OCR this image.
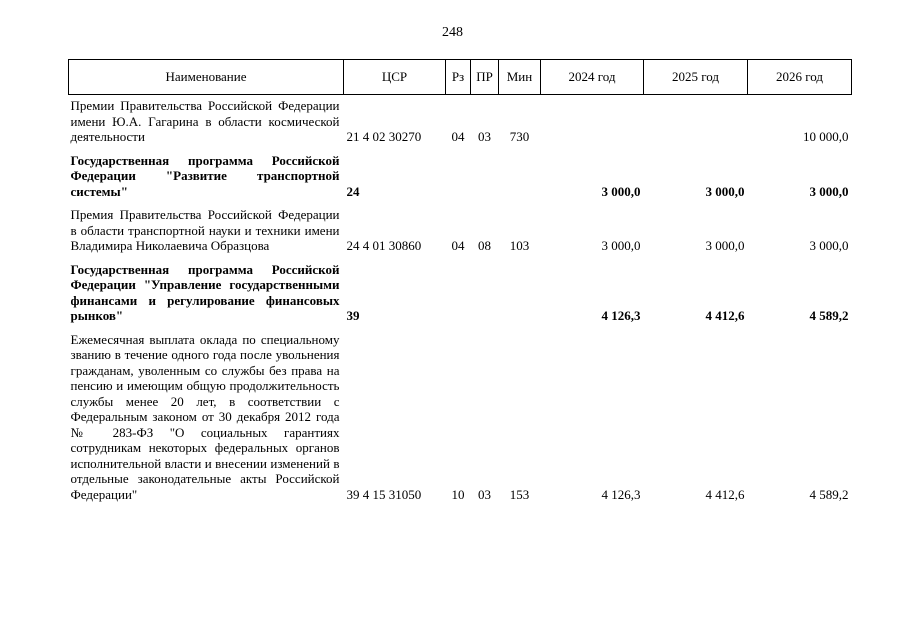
248
Наименование	ЦСР	Рз	ПР	Мин	2024 год	2025 год	2026 год
Премии Правительства Российской Федерации имени Ю.А. Гагарина в области космической деятельности	21 4 02 30270	04	03	730			10 000,0
Государственная программа Российской Федерации "Развитие транспортной системы"	24				3 000,0	3 000,0	3 000,0
Премия Правительства Российской Федерации в области транспортной науки и техники имени Владимира Николаевича Образцова	24 4 01 30860	04	08	103	3 000,0	3 000,0	3 000,0
Государственная программа Российской Федерации "Управление государственными финансами и регулирование финансовых рынков"	39				4 126,3	4 412,6	4 589,2
Ежемесячная выплата оклада по специальному званию в течение одного года после увольнения гражданам, уволенным со службы без права на пенсию и имеющим общую продолжительность службы менее 20 лет, в соответствии с Федеральным законом от 30 декабря 2012 года № 283-ФЗ "О социальных гарантиях сотрудникам некоторых федеральных органов исполнительной власти и внесении изменений в отдельные законодательные акты Российской Федерации"	39 4 15 31050	10	03	153	4 126,3	4 412,6	4 589,2
